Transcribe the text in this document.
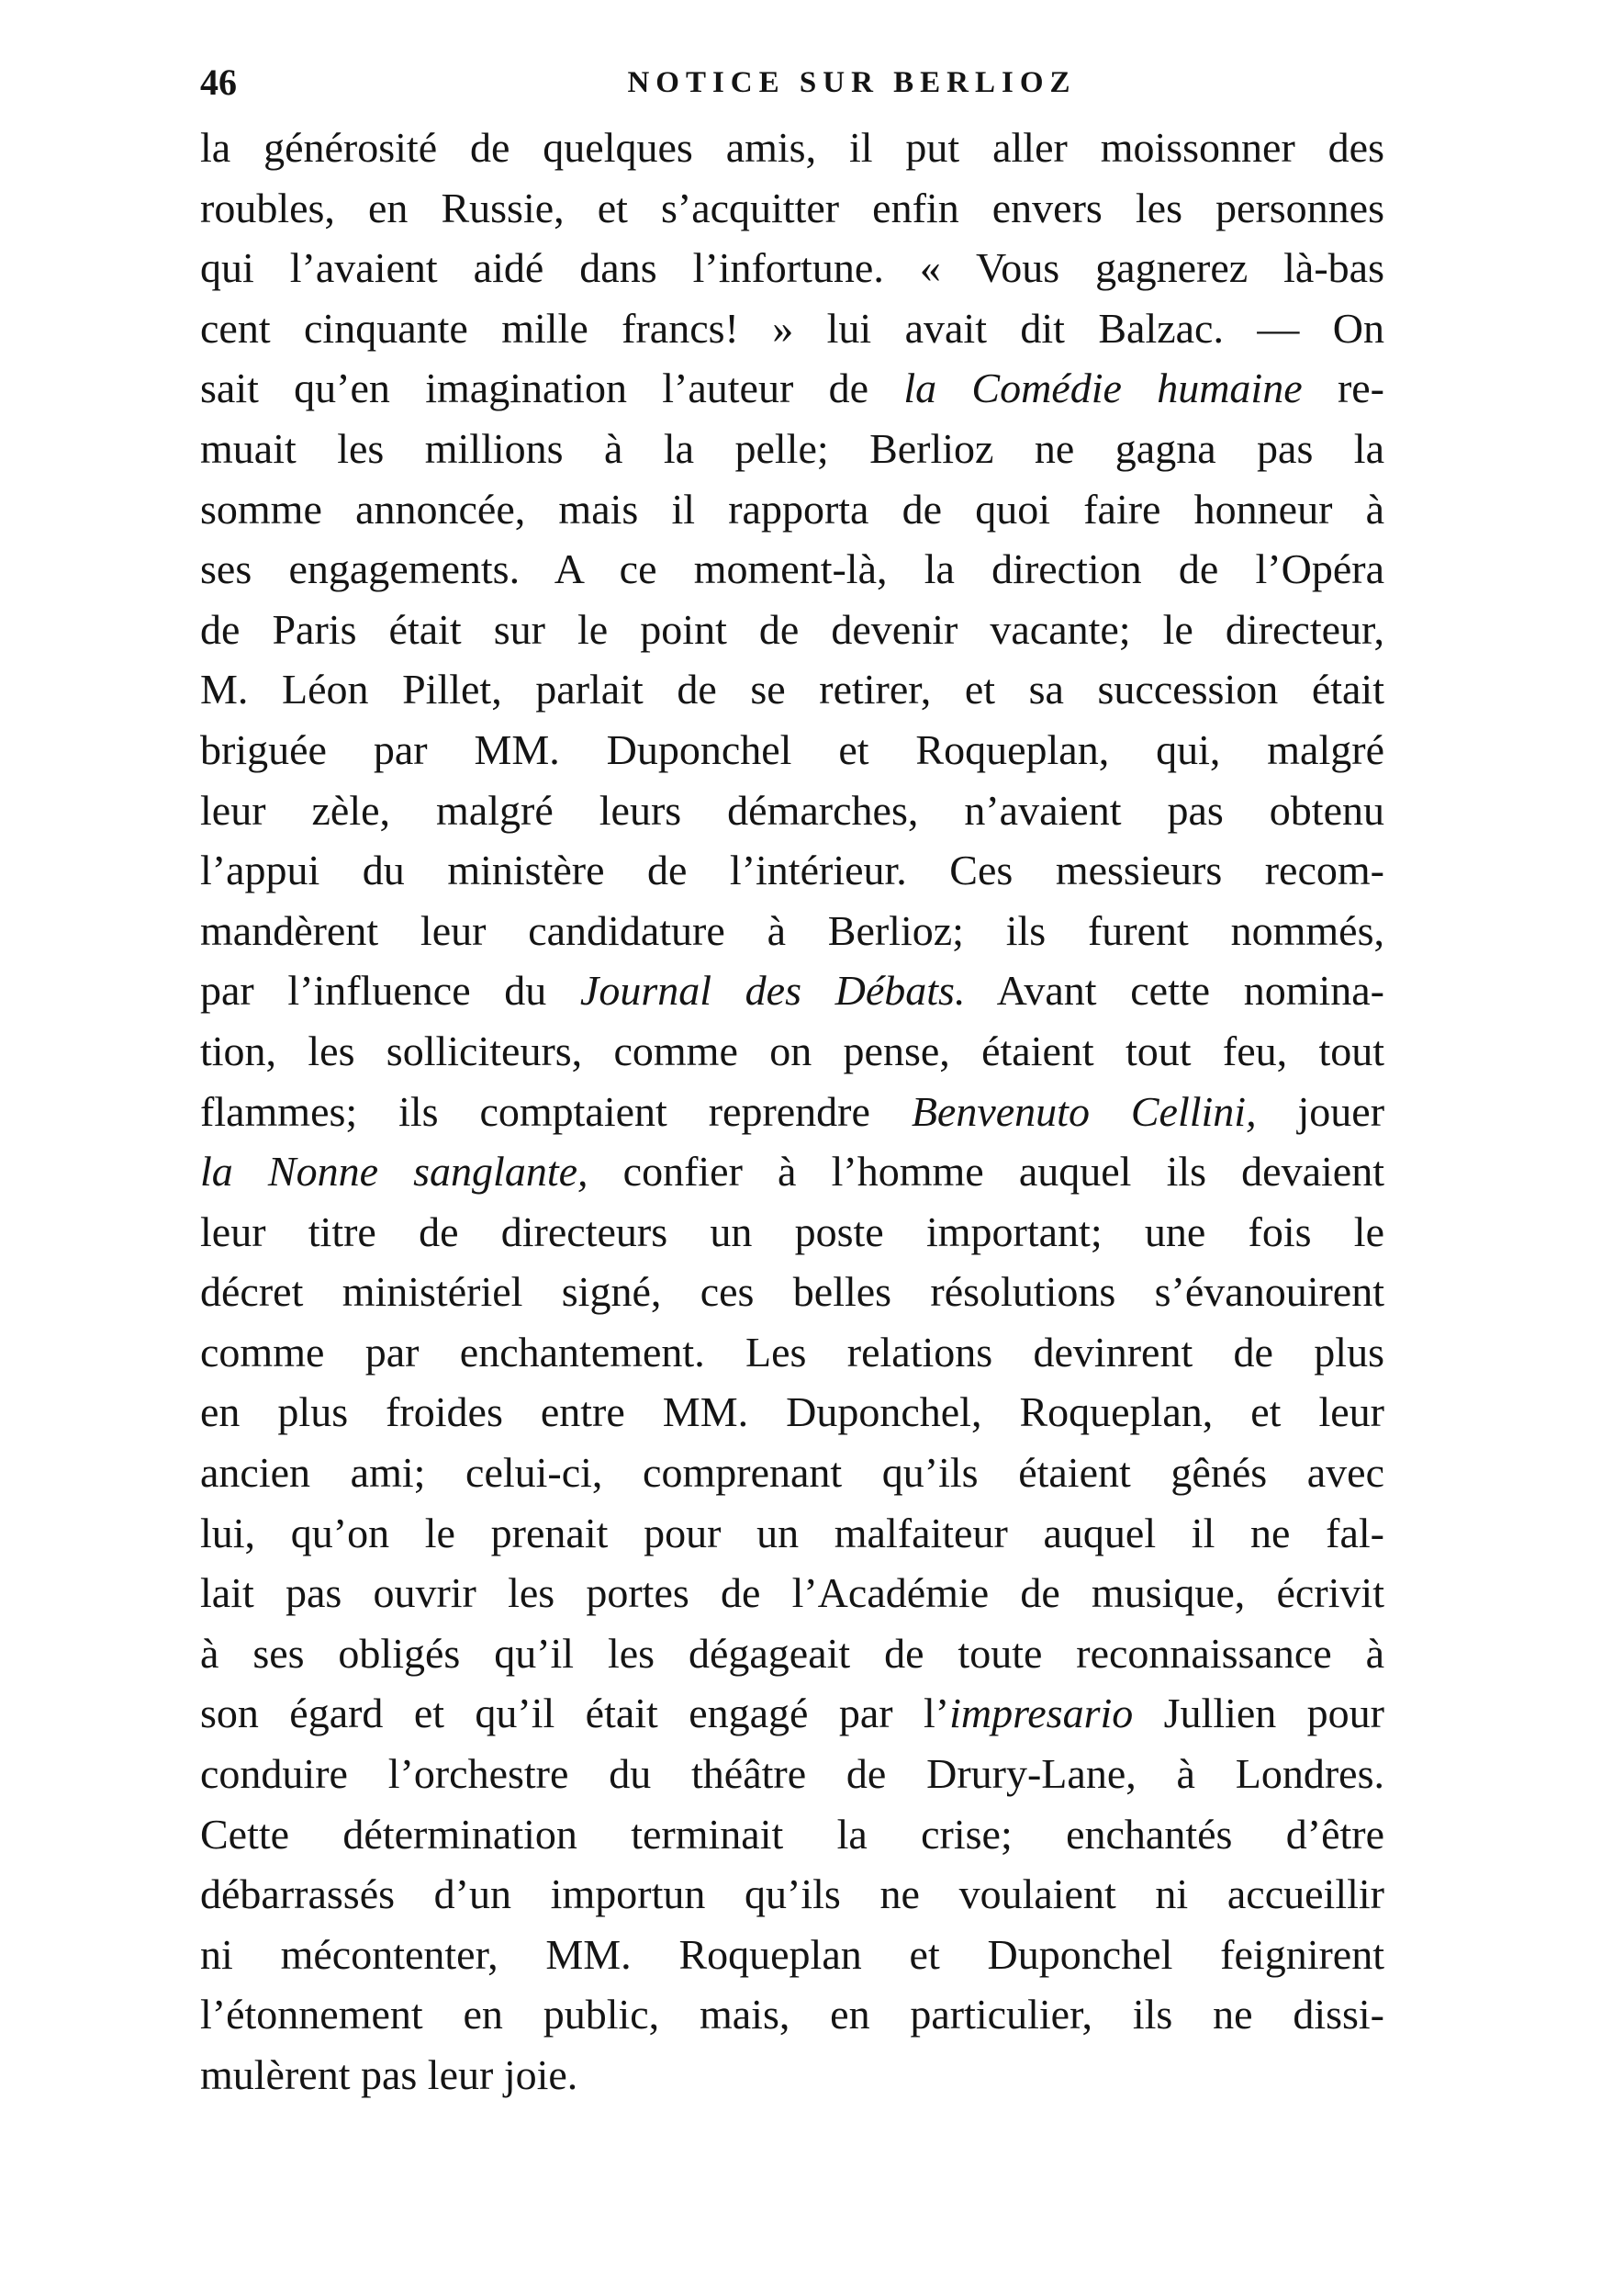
46	NOTICE SUR BERLIOZ
la générosité de quelques amis, il put aller moissonner des
roubles, en Russie, et s’acquitter enfin envers les personnes
qui l’avaient aidé dans l’infortune. « Vous gagnerez là-bas
cent cinquante mille francs! » lui avait dit Balzac. — On
sait qu’en imagination l’auteur de la Comédie humaine re-
muait les millions à la pelle; Berlioz ne gagna pas la
somme annoncée, mais il rapporta de quoi faire honneur à
ses engagements. A ce moment-là, la direction de l’Opéra
de Paris était sur le point de devenir vacante; le directeur,
M. Léon Pillet, parlait de se retirer, et sa succession était
briguée par MM. Duponchel et Roqueplan, qui, malgré
leur zèle, malgré leurs démarches, n’avaient pas obtenu
l’appui du ministère de l’intérieur. Ces messieurs recom-
mandèrent leur candidature à Berlioz; ils furent nommés,
par l’influence du Journal des Débats. Avant cette nomina-
tion, les solliciteurs, comme on pense, étaient tout feu, tout
flammes; ils comptaient reprendre Benvenuto Cellini, jouer
la Nonne sanglante, confier à l’homme auquel ils devaient
leur titre de directeurs un poste important; une fois le
décret ministériel signé, ces belles résolutions s’évanouirent
comme par enchantement. Les relations devinrent de plus
en plus froides entre MM. Duponchel, Roqueplan, et leur
ancien ami; celui-ci, comprenant qu’ils étaient gênés avec
lui, qu’on le prenait pour un malfaiteur auquel il ne fal-
lait pas ouvrir les portes de l’Académie de musique, écrivit
à ses obligés qu’il les dégageait de toute reconnaissance à
son égard et qu’il était engagé par l’impresario Jullien pour
conduire l’orchestre du théâtre de Drury-Lane, à Londres.
Cette détermination terminait la crise; enchantés d’être
débarrassés d’un importun qu’ils ne voulaient ni accueillir
ni mécontenter, MM. Roqueplan et Duponchel feignirent
l’étonnement en public, mais, en particulier, ils ne dissi-
mulèrent pas leur joie.
